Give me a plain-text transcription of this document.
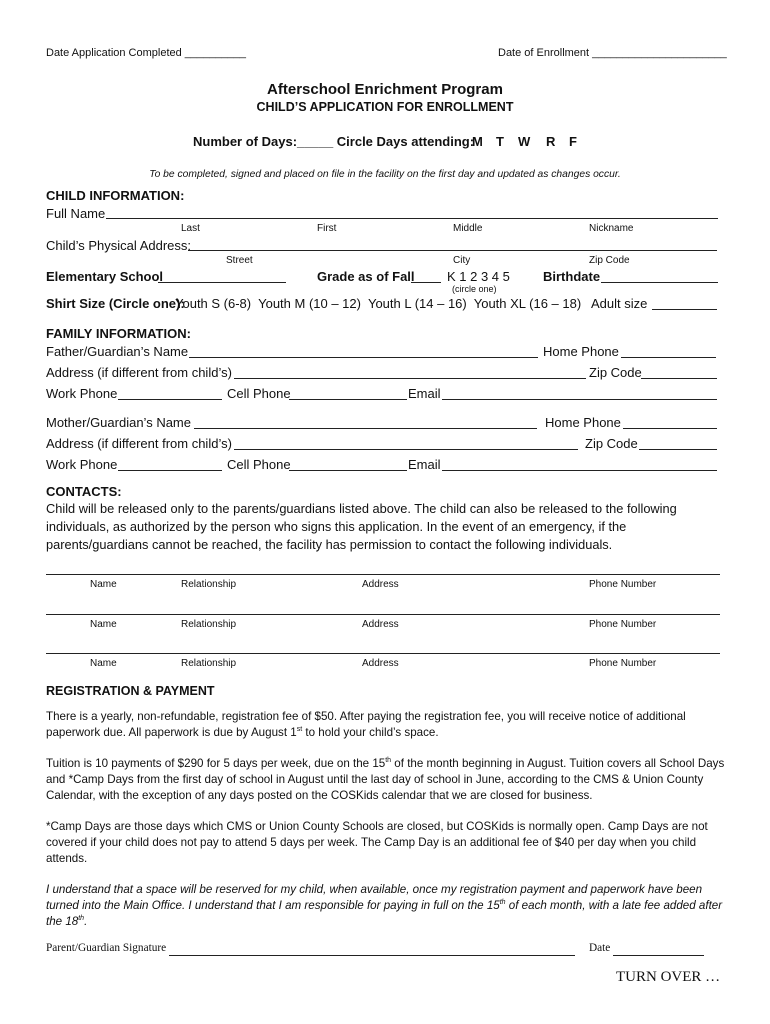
Date Application Completed __________	Date of Enrollment ______________________
Afterschool Enrichment Program
CHILD’S APPLICATION FOR ENROLLMENT
Number of Days:_____ Circle Days attending:
M T W R F
To be completed, signed and placed on file in the facility on the first day and updated as changes occur.
CHILD INFORMATION:
Full Name
Last	First	Middle	Nickname
Child’s Physical Address:
Street	City	Zip Code
Elementary School	Grade as of Fall K 1 2 3 4 5
(circle one)
Birthdate
Shirt Size (Circle one):
Youth S (6-8)  Youth M (10 – 12)  Youth L (14 – 16)  Youth XL (16 – 18) Adult size
FAMILY INFORMATION:
Father/Guardian’s Name	Home Phone
Address (if different from child’s)	Zip Code
Work Phone	Cell Phone	Email
Mother/Guardian’s Name	Home Phone
Address (if different from child’s)	Zip Code
Work Phone	Cell Phone	Email
CONTACTS:
Child will be released only to the parents/guardians listed above. The child can also be released to the following individuals, as authorized by the person who signs this application. In the event of an emergency, if the parents/guardians cannot be reached, the facility has permission to contact the following individuals.
Name	Relationship	Address	Phone Number
Name	Relationship	Address	Phone Number
Name	Relationship	Address	Phone Number
REGISTRATION & PAYMENT
There is a yearly, non-refundable, registration fee of $50. After paying the registration fee, you will receive notice of additional paperwork due. All paperwork is due by August 1st to hold your child’s space.
Tuition is 10 payments of $290 for 5 days per week, due on the 15th of the month beginning in August. Tuition covers all School Days and *Camp Days from the first day of school in August until the last day of school in June, according to the CMS & Union County Calendar, with the exception of any days posted on the COSKids calendar that we are closed for business.
*Camp Days are those days which CMS or Union County Schools are closed, but COSKids is normally open. Camp Days are not covered if your child does not pay to attend 5 days per week. The Camp Day is an additional fee of $40 per day when you child attends.
I understand that a space will be reserved for my child, when available, once my registration payment and paperwork have been turned into the Main Office. I understand that I am responsible for paying in full on the 15th of each month, with a late fee added after the 18th.
Parent/Guardian Signature	Date
TURN OVER …
